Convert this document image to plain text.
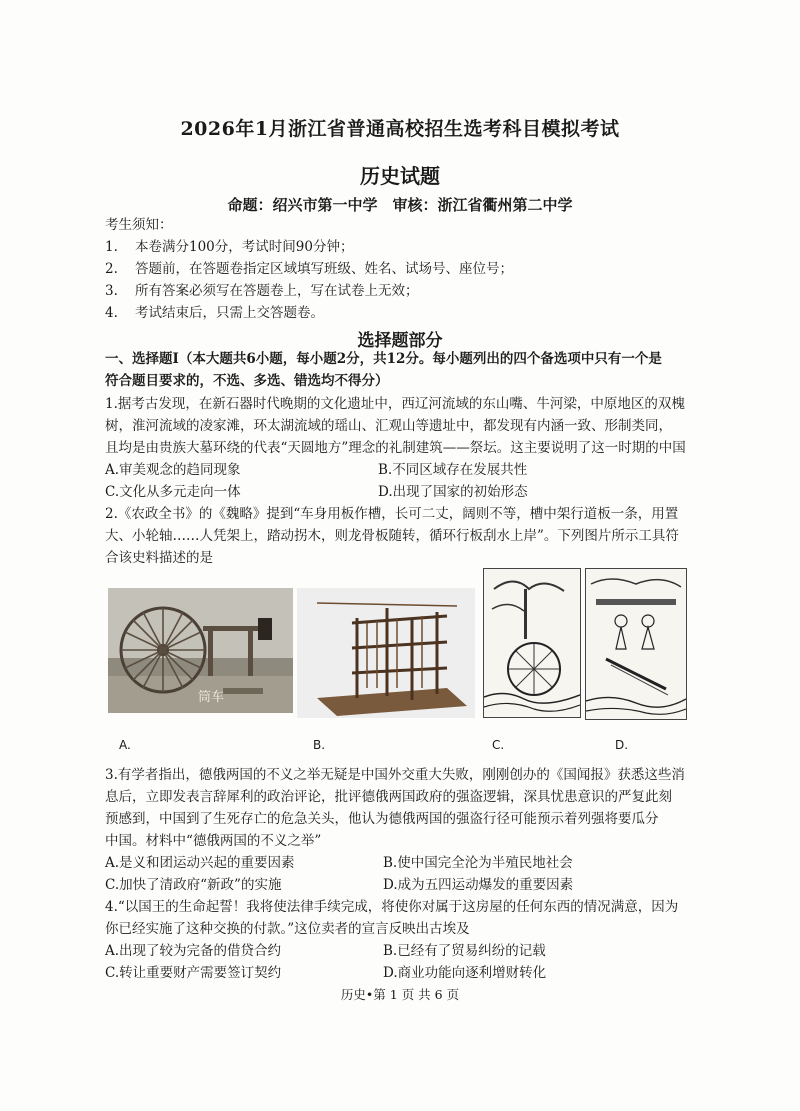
2026年1月浙江省普通高校招生选考科目模拟考试
历史试题
命题：绍兴市第一中学　审核：浙江省衢州第二中学
考生须知：
1. 本卷满分100分，考试时间90分钟；
2. 答题前，在答题卷指定区域填写班级、姓名、试场号、座位号；
3. 所有答案必须写在答题卷上，写在试卷上无效；
4. 考试结束后，只需上交答题卷。
选择题部分
一、选择题Ⅰ（本大题共6小题，每小题2分，共12分。每小题列出的四个备选项中只有一个是
符合题目要求的，不选、多选、错选均不得分）
1.据考古发现，在新石器时代晚期的文化遗址中，西辽河流域的东山嘴、牛河梁，中原地区的双槐
树，淮河流域的凌家滩，环太湖流域的瑶山、汇观山等遗址中，都发现有内涵一致、形制类同，
且均是由贵族大墓环绕的代表“天圆地方”理念的礼制建筑——祭坛。这主要说明了这一时期的中国
A.审美观念的趋同现象	B.不同区域存在发展共性
C.文化从多元走向一体	D.出现了国家的初始形态
2.《农政全书》的《魏略》提到“车身用板作槽，长可二丈，阔则不等，槽中架行道板一条，用置
大、小轮轴……人凭架上，踏动拐木，则龙骨板随转，循环行板刮水上岸”。下列图片所示工具符
合该史料描述的是
筒车
A.	B.	C.	D.
3.有学者指出，德俄两国的不义之举无疑是中国外交重大失败，刚刚创办的《国闻报》获悉这些消
息后，立即发表言辞犀利的政治评论，批评德俄两国政府的强盗逻辑，深具忧患意识的严复此刻
预感到，中国到了生死存亡的危急关头，他认为德俄两国的强盗行径可能预示着列强将要瓜分
中国。材料中“德俄两国的不义之举”
A.是义和团运动兴起的重要因素	B.使中国完全沦为半殖民地社会
C.加快了清政府“新政”的实施	D.成为五四运动爆发的重要因素
4.“以国王的生命起誓！我将使法律手续完成，将使你对属于这房屋的任何东西的情况满意，因为
你已经实施了这种交换的付款。”这位卖者的宣言反映出古埃及
A.出现了较为完备的借贷合约	B.已经有了贸易纠纷的记载
C.转让重要财产需要签订契约	D.商业功能向逐利增财转化
历史•第 1 页 共 6 页
